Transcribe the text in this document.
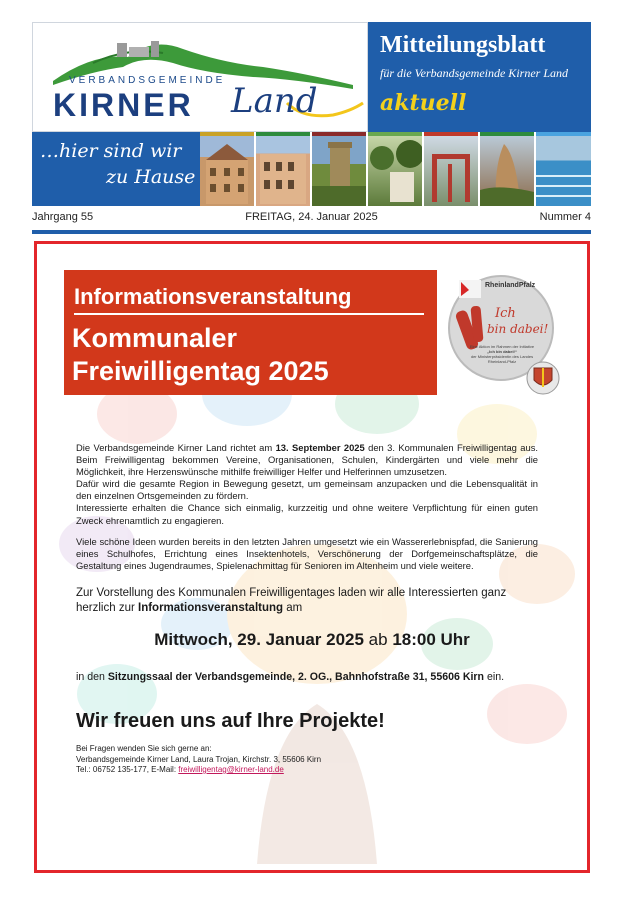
VERBANDSGEMEINDE
KIRNER Land
Mitteilungsblatt
für die Verbandsgemeinde Kirner Land
aktuell
…hier sind wir
zu Hause
Jahrgang 55	FREITAG, 24. Januar 2025	Nummer 4
Informationsveranstaltung
Kommunaler
Freiwilligentag 2025
RheinlandPfalz
Ich
bin dabei!
Eine Aktion im Rahmen der Initiative
„Ich bin dabei!“
der Ministerpräsidentin des Landes Rheinland-Pfalz
Die Verbandsgemeinde Kirner Land richtet am 13. September 2025 den 3. Kommunalen Freiwilligentag aus. Beim Freiwilligentag bekommen Vereine, Organisationen, Schulen, Kindergärten und viele mehr die Möglichkeit, ihre Herzenswünsche mithilfe freiwilliger Helfer und Helferinnen umzusetzen.
Dafür wird die gesamte Region in Bewegung gesetzt, um gemeinsam anzupacken und die Lebensqualität in den einzelnen Ortsgemeinden zu fördern.
Interessierte erhalten die Chance sich einmalig, kurzzeitig und ohne weitere Verpflichtung für einen guten Zweck ehrenamtlich zu engagieren.

Viele schöne Ideen wurden bereits in den letzten Jahren umgesetzt wie ein Wassererlebnispfad, die Sanierung eines Schulhofes, Errichtung eines Insektenhotels, Verschönerung der Dorfgemeinschaftsplätze, die Gestaltung eines Jugendraumes, Spielenachmittag für Senioren im Altenheim und viele weitere.

Zur Vorstellung des Kommunalen Freiwilligentages laden wir alle Interessierten ganz herzlich zur Informationsveranstaltung am

Mittwoch, 29. Januar 2025 ab 18:00 Uhr

in den Sitzungssaal der Verbandsgemeinde, 2. OG., Bahnhofstraße 31, 55606 Kirn ein.

Wir freuen uns auf Ihre Projekte!
Bei Fragen wenden Sie sich gerne an:
Verbandsgemeinde Kirner Land, Laura Trojan, Kirchstr. 3, 55606 Kirn
Tel.: 06752 135-177, E-Mail: freiwilligentag@kirner-land.de
